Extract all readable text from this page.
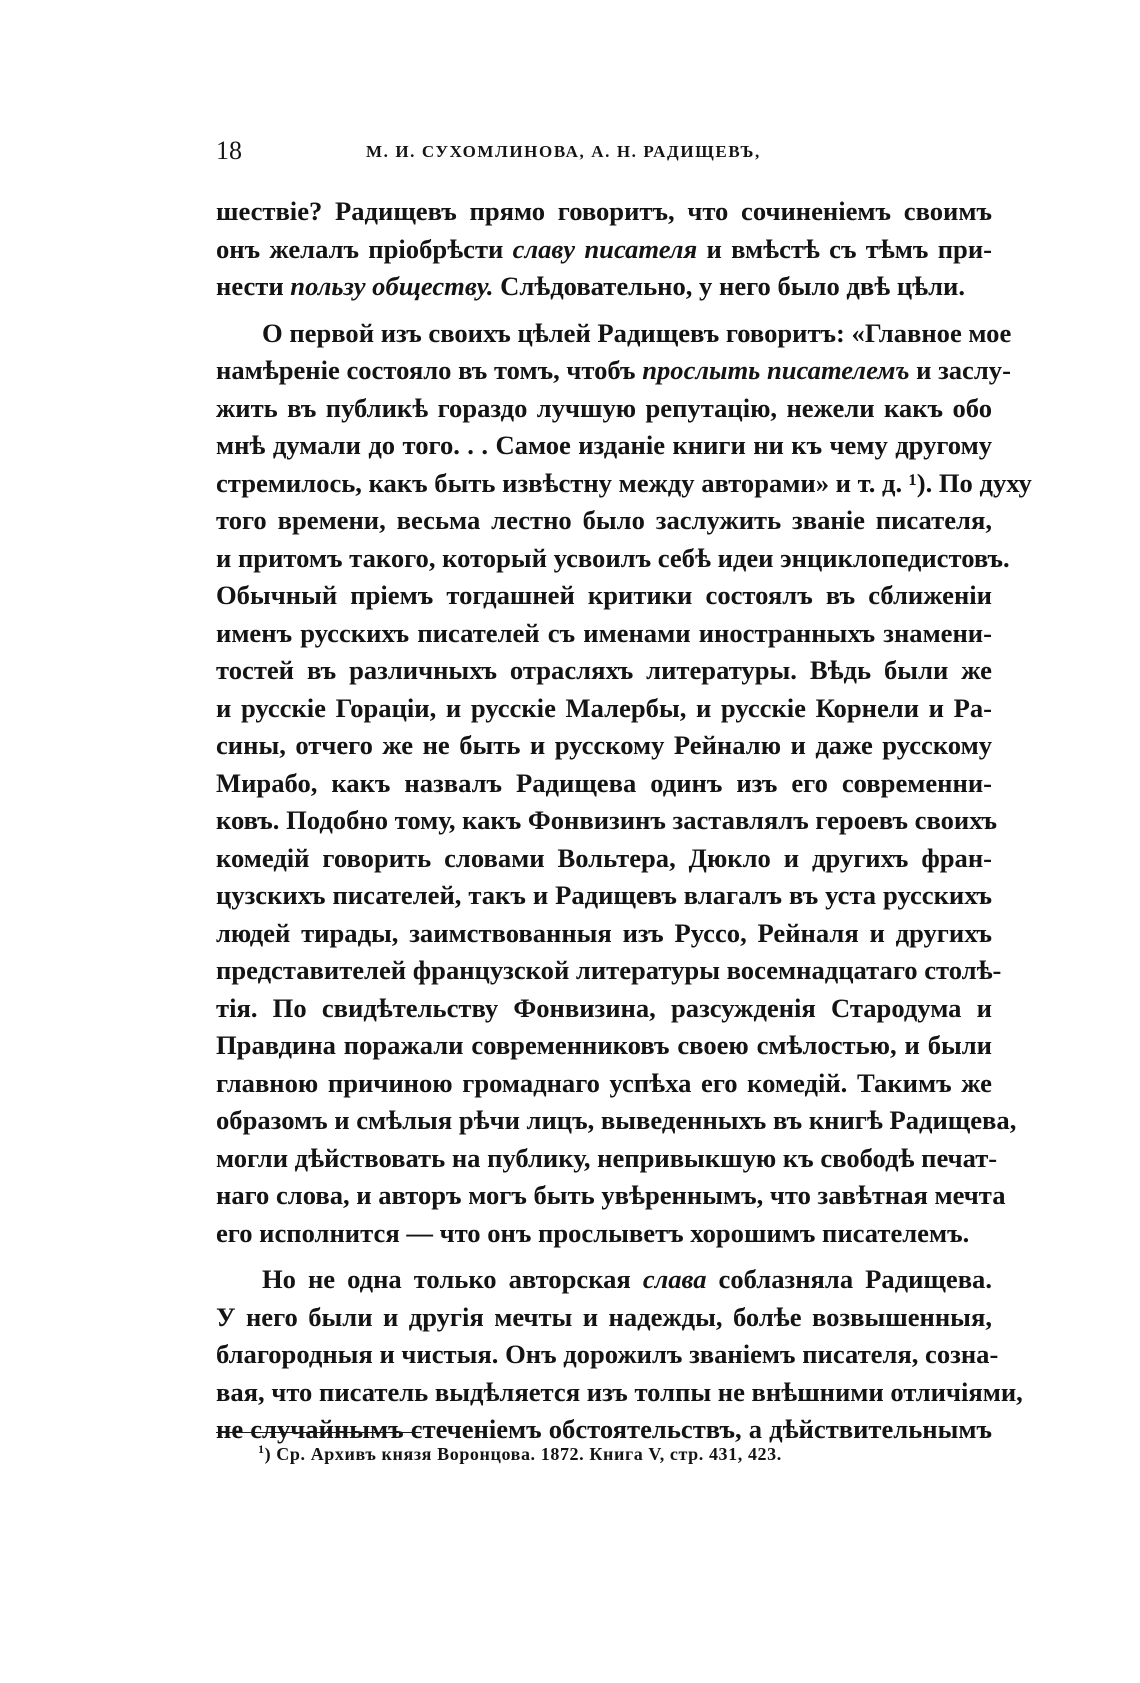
18	М. И. СУХОМЛИНОВА, А. Н. РАДИЩЕВЪ,
шествіе? Радищевъ прямо говоритъ, что сочиненіемъ своимъ
онъ желалъ пріобрѣсти славу писателя и вмѣстѣ съ тѣмъ при-
нести пользу обществу. Слѣдовательно, у него было двѣ цѣли.
О первой изъ своихъ цѣлей Радищевъ говоритъ: «Главное мое
намѣреніе состояло въ томъ, чтобъ прослыть писателемъ и заслу-
жить въ публикѣ гораздо лучшую репутацію, нежели какъ обо
мнѣ думали до того. . . Самое изданіе книги ни къ чему другому
стремилось, какъ быть извѣстну между авторами» и т. д. ¹). По духу
того времени, весьма лестно было заслужить званіе писателя,
и притомъ такого, который усвоилъ себѣ идеи энциклопедистовъ.
Обычный пріемъ тогдашней критики состоялъ въ сближеніи
именъ русскихъ писателей съ именами иностранныхъ знамени-
тостей въ различныхъ отрасляхъ литературы. Вѣдь были же
и русскіе Гораціи, и русскіе Малербы, и русскіе Корнели и Ра-
сины, отчего же не быть и русскому Рейналю и даже русскому
Мирабо, какъ назвалъ Радищева одинъ изъ его современни-
ковъ. Подобно тому, какъ Фонвизинъ заставлялъ героевъ своихъ
комедій говорить словами Вольтера, Дюкло и другихъ фран-
цузскихъ писателей, такъ и Радищевъ влагалъ въ уста русскихъ
людей тирады, заимствованныя изъ Руссо, Рейналя и другихъ
представителей французской литературы восемнадцатаго столѣ-
тія. По свидѣтельству Фонвизина, разсужденія Стародума и
Правдина поражали современниковъ своею смѣлостью, и были
главною причиною громаднаго успѣха его комедій. Такимъ же
образомъ и смѣлыя рѣчи лицъ, выведенныхъ въ книгѣ Радищева,
могли дѣйствовать на публику, непривыкшую къ свободѣ печат-
наго слова, и авторъ могъ быть увѣреннымъ, что завѣтная мечта
его исполнится — что онъ прослыветъ хорошимъ писателемъ.
Но не одна только авторская слава соблазняла Радищева.
У него были и другія мечты и надежды, болѣе возвышенныя,
благородныя и чистыя. Онъ дорожилъ званіемъ писателя, созна-
вая, что писатель выдѣляется изъ толпы не внѣшними отличіями,
не случайнымъ стеченіемъ обстоятельствъ, а дѣйствительнымъ
$^1$) Ср. Архивъ князя Воронцова. 1872. Книга V, стр. 431, 423.
